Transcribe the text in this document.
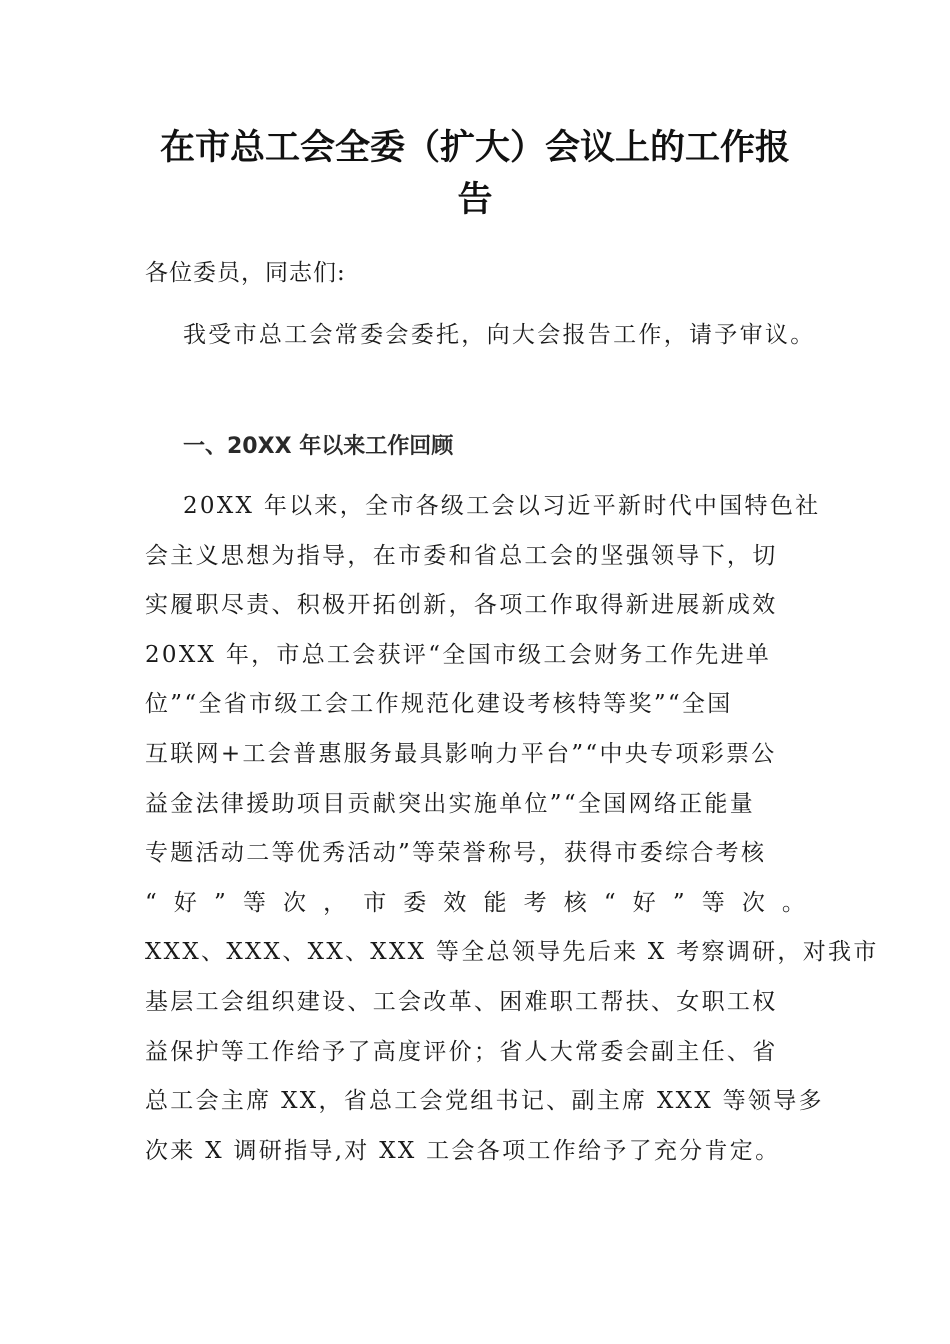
在市总工会全委（扩大）会议上的工作报
告
各位委员，同志们:
我受市总工会常委会委托，向大会报告工作，请予审议。
一、20XX 年以来工作回顾
20XX 年以来，全市各级工会以习近平新时代中国特色社
会主义思想为指导，在市委和省总工会的坚强领导下，切
实履职尽责、积极开拓创新，各项工作取得新进展新成效
20XX 年，市总工会获评“全国市级工会财务工作先进单
位”“全省市级工会工作规范化建设考核特等奖”“全国
互联网+工会普惠服务最具影响力平台”“中央专项彩票公
益金法律援助项目贡献突出实施单位”“全国网络正能量
专题活动二等优秀活动”等荣誉称号，获得市委综合考核
“ 好 ” 等 次 ， 市 委 效 能 考 核 “ 好 ” 等 次 。
XXX、XXX、XX、XXX 等全总领导先后来 X 考察调研，对我市
基层工会组织建设、工会改革、困难职工帮扶、女职工权
益保护等工作给予了高度评价；省人大常委会副主任、省
总工会主席 XX，省总工会党组书记、副主席 XXX 等领导多
次来 X 调研指导,对 XX 工会各项工作给予了充分肯定。
